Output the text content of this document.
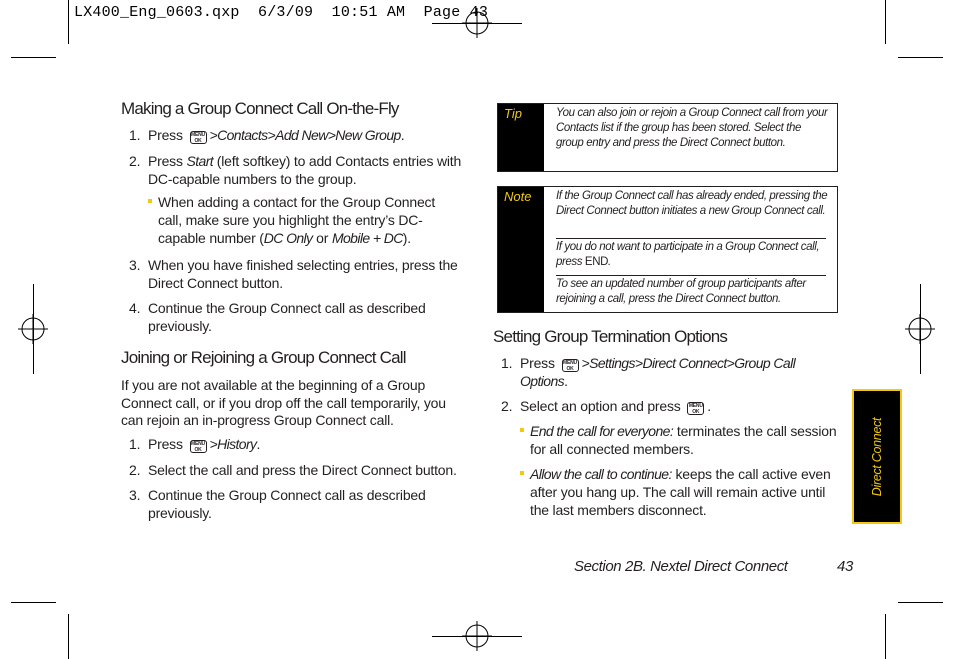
LX400_Eng_0603.qxp  6/3/09  10:51 AM  Page 43
Making a Group Connect Call On-the-Fly
1. Press MENU
OK >Contacts>Add New>New Group.
2. Press Start (left softkey) to add Contacts entries with DC-capable numbers to the group.
When adding a contact for the Group Connect call, make sure you highlight the entry’s DC-capable number (DC Only or Mobile + DC).
3. When you have finished selecting entries, press the Direct Connect button.
4. Continue the Group Connect call as described previously.
Joining or Rejoining a Group Connect Call
If you are not available at the beginning of a Group Connect call, or if you drop off the call temporarily, you can rejoin an in-progress Group Connect call.
1. Press MENU
OK >History.
2. Select the call and press the Direct Connect button.
3. Continue the Group Connect call as described previously.
Tip	You can also join or rejoin a Group Connect call from your Contacts list if the group has been stored. Select the group entry and press the Direct Connect button.
Note If the Group Connect call has already ended, pressing the Direct Connect button initiates a new Group Connect call.
If you do not want to participate in a Group Connect call, press END.
To see an updated number of group participants after rejoining a call, press the Direct Connect button.
Setting Group Termination Options
1. Press MENU
OK >Settings>Direct Connect>Group Call Options.
2. Select an option and press MENU
OK .
End the call for everyone: terminates the call session for all connected members.
Allow the call to continue: keeps the call active even after you hang up. The call will remain active until the last members disconnect.
Direct Connect
Section 2B. Nextel Direct Connect	43
